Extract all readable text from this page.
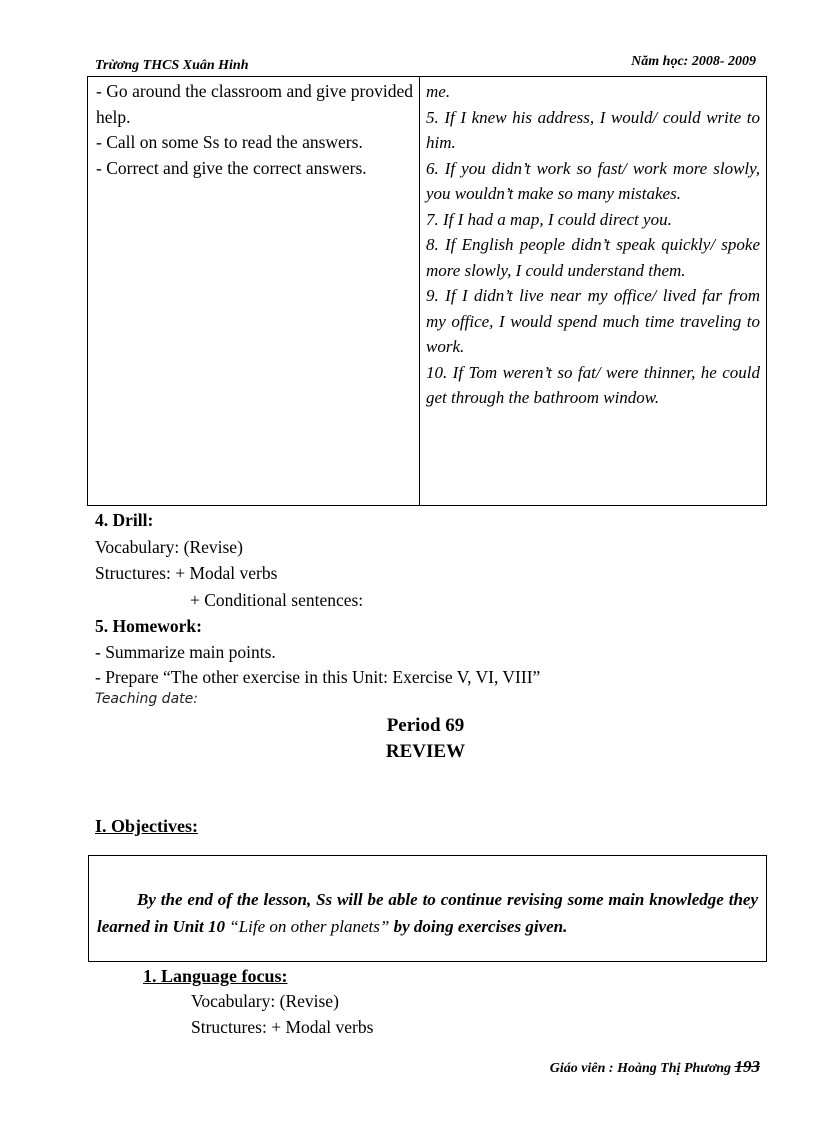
Trừơng THCS Xuân Hinh	Năm học: 2008- 2009
- Go around the classroom and give provided help.
- Call on some Ss to read the answers.
- Correct and give the correct answers.
me.
5. If I knew his address, I would/ could write to him.
6. If you didn’t work so fast/ work more slowly, you wouldn’t make so many mistakes.
7. If I had a map, I could direct you.
8. If English people didn’t speak quickly/ spoke more slowly, I could understand them.
9. If I didn’t live near my office/ lived far from my office, I would spend much time traveling to work.
10. If Tom weren’t so fat/ were thinner, he could get through the bathroom window.
4. Drill:
Vocabulary: (Revise)
Structures: + Modal verbs
+ Conditional sentences:
5. Homework:
- Summarize main points.
- Prepare “The other exercise in this Unit: Exercise V, VI, VIII”
Teaching date:
Period 69
REVIEW
I. Objectives:
By the end of the lesson, Ss will be able to continue revising some main knowledge they learned in Unit 10 “Life on other planets” by doing exercises given.
1. Language focus:
Vocabulary: (Revise)
Structures: + Modal verbs
Giáo viên : Hoàng Thị Phương 193
